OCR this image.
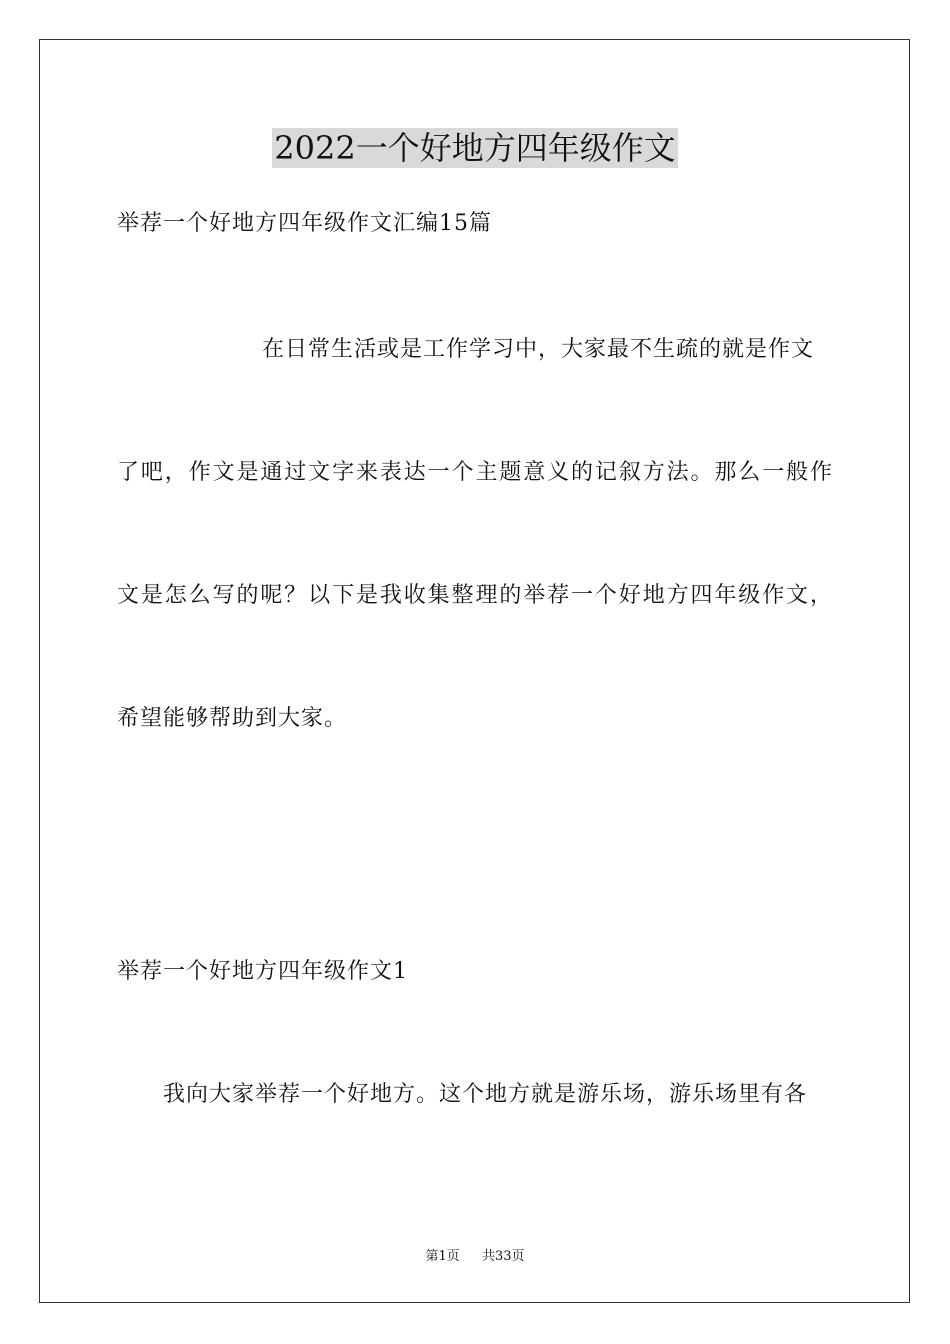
2022一个好地方四年级作文
举荐一个好地方四年级作文汇编15篇
在日常生活或是工作学习中，大家最不生疏的就是作文
了吧，作文是通过文字来表达一个主题意义的记叙方法。那么一般作
文是怎么写的呢？以下是我收集整理的举荐一个好地方四年级作文，
希望能够帮助到大家。
举荐一个好地方四年级作文1
我向大家举荐一个好地方。这个地方就是游乐场，游乐场里有各
第1页 共33页
